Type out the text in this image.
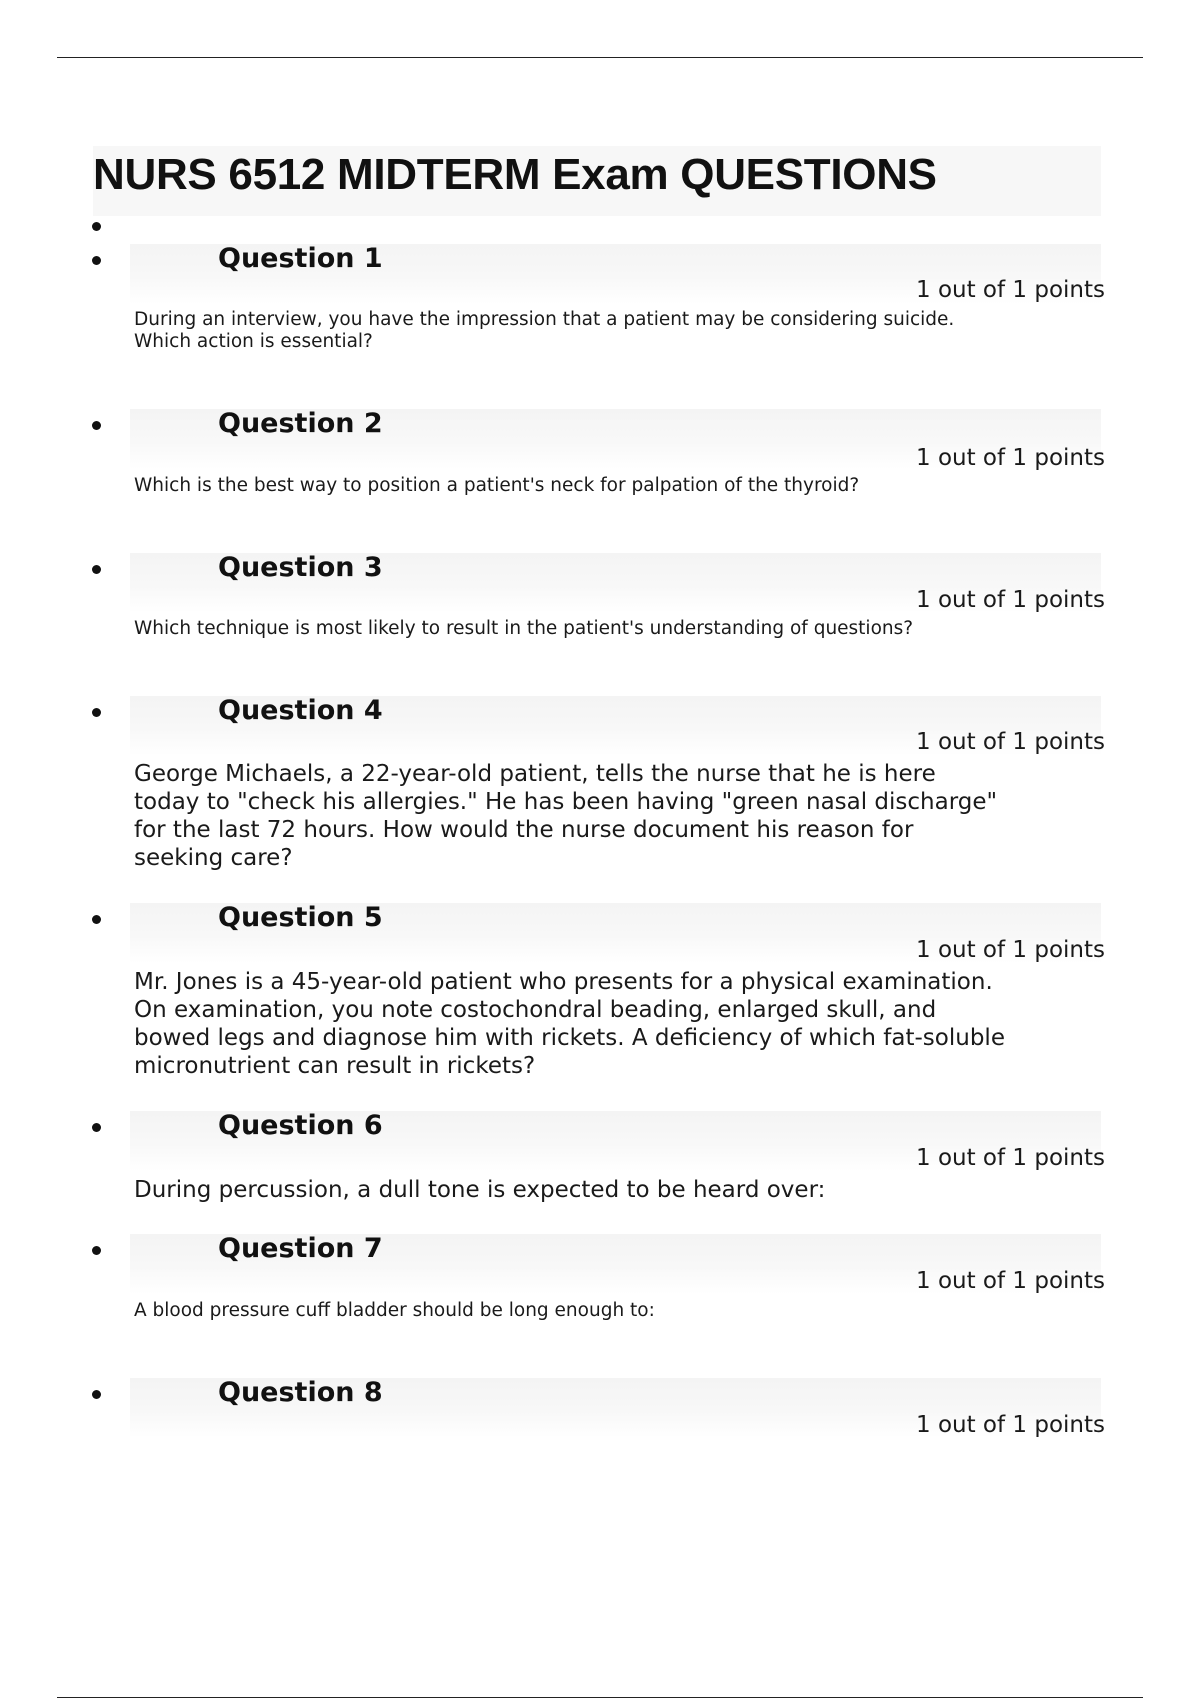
NURS 6512 MIDTERM Exam QUESTIONS
Question 1
1 out of 1 points
During an interview, you have the impression that a patient may be considering suicide.
Which action is essential?
Question 2
1 out of 1 points
Which is the best way to position a patient's neck for palpation of the thyroid?
Question 3
1 out of 1 points
Which technique is most likely to result in the patient's understanding of questions?
Question 4
1 out of 1 points
George Michaels, a 22-year-old patient, tells the nurse that he is here
today to "check his allergies." He has been having "green nasal discharge"
for the last 72 hours. How would the nurse document his reason for
seeking care?
Question 5
1 out of 1 points
Mr. Jones is a 45-year-old patient who presents for a physical examination.
On examination, you note costochondral beading, enlarged skull, and
bowed legs and diagnose him with rickets. A deficiency of which fat-soluble
micronutrient can result in rickets?
Question 6
1 out of 1 points
During percussion, a dull tone is expected to be heard over:
Question 7
1 out of 1 points
A blood pressure cuff bladder should be long enough to:
Question 8
1 out of 1 points
